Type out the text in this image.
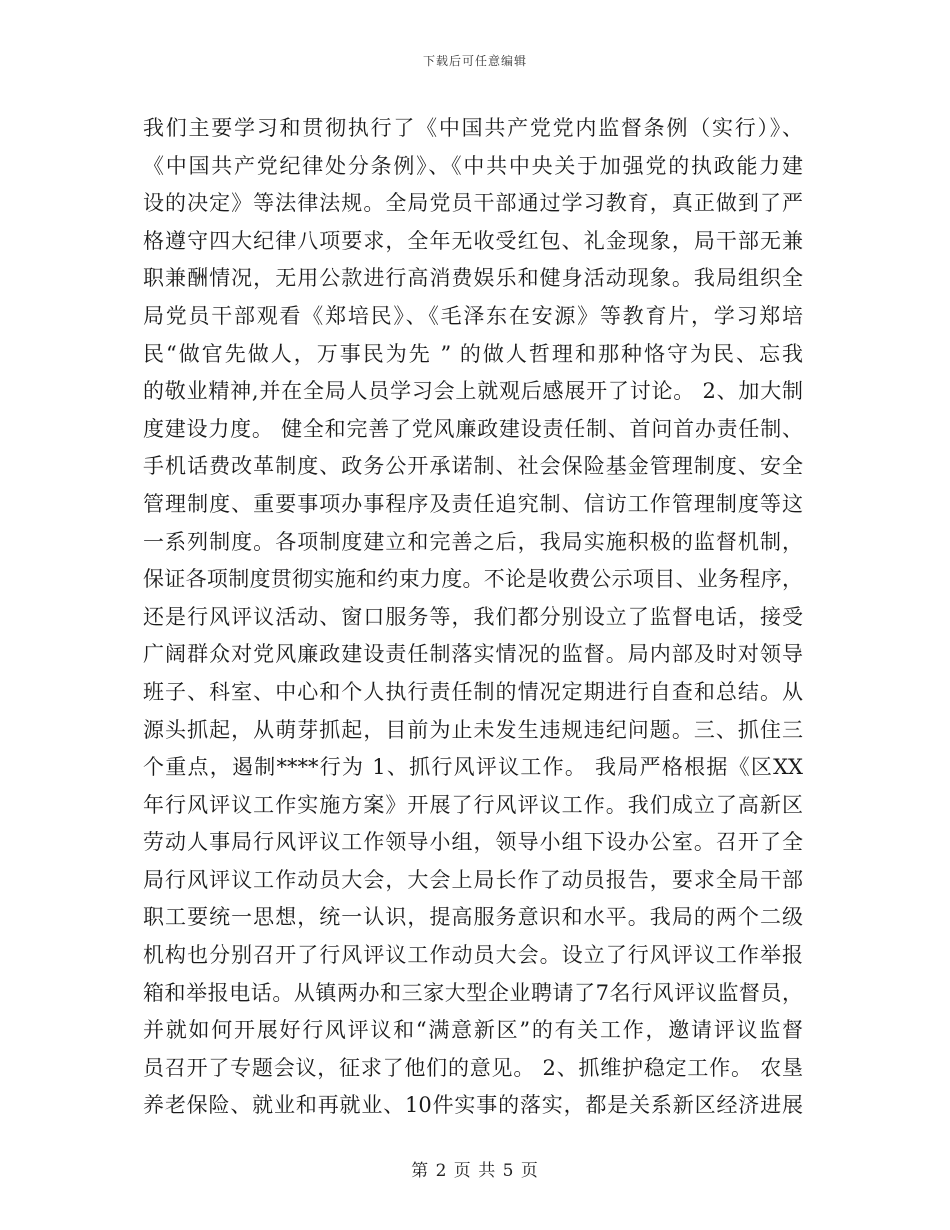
下载后可任意编辑
我们主要学习和贯彻执行了《中国共产党党内监督条例（实行）》、
《中国共产党纪律处分条例》、《中共中央关于加强党的执政能力建
设的决定》等法律法规。全局党员干部通过学习教育，真正做到了严
格遵守四大纪律八项要求，全年无收受红包、礼金现象，局干部无兼
职兼酬情况，无用公款进行高消费娱乐和健身活动现象。我局组织全
局党员干部观看《郑培民》、《毛泽东在安源》等教育片，学习郑培
民“做官先做人，万事民为先 ” 的做人哲理和那种恪守为民、忘我
的敬业精神,并在全局人员学习会上就观后感展开了讨论。 2、加大制
度建设力度。 健全和完善了党风廉政建设责任制、首问首办责任制、
手机话费改革制度、政务公开承诺制、社会保险基金管理制度、安全
管理制度、重要事项办事程序及责任追究制、信访工作管理制度等这
一系列制度。各项制度建立和完善之后，我局实施积极的监督机制，
保证各项制度贯彻实施和约束力度。不论是收费公示项目、业务程序，
还是行风评议活动、窗口服务等，我们都分别设立了监督电话，接受
广阔群众对党风廉政建设责任制落实情况的监督。局内部及时对领导
班子、科室、中心和个人执行责任制的情况定期进行自查和总结。从
源头抓起，从萌芽抓起，目前为止未发生违规违纪问题。三、抓住三
个重点，遏制****行为 1、抓行风评议工作。 我局严格根据《区XX
年行风评议工作实施方案》开展了行风评议工作。我们成立了高新区
劳动人事局行风评议工作领导小组，领导小组下设办公室。召开了全
局行风评议工作动员大会，大会上局长作了动员报告，要求全局干部
职工要统一思想，统一认识，提高服务意识和水平。我局的两个二级
机构也分别召开了行风评议工作动员大会。设立了行风评议工作举报
箱和举报电话。从镇两办和三家大型企业聘请了7名行风评议监督员，
并就如何开展好行风评议和“满意新区”的有关工作，邀请评议监督
员召开了专题会议，征求了他们的意见。 2、抓维护稳定工作。 农垦
养老保险、就业和再就业、10件实事的落实，都是关系新区经济进展
第 2 页 共 5 页
